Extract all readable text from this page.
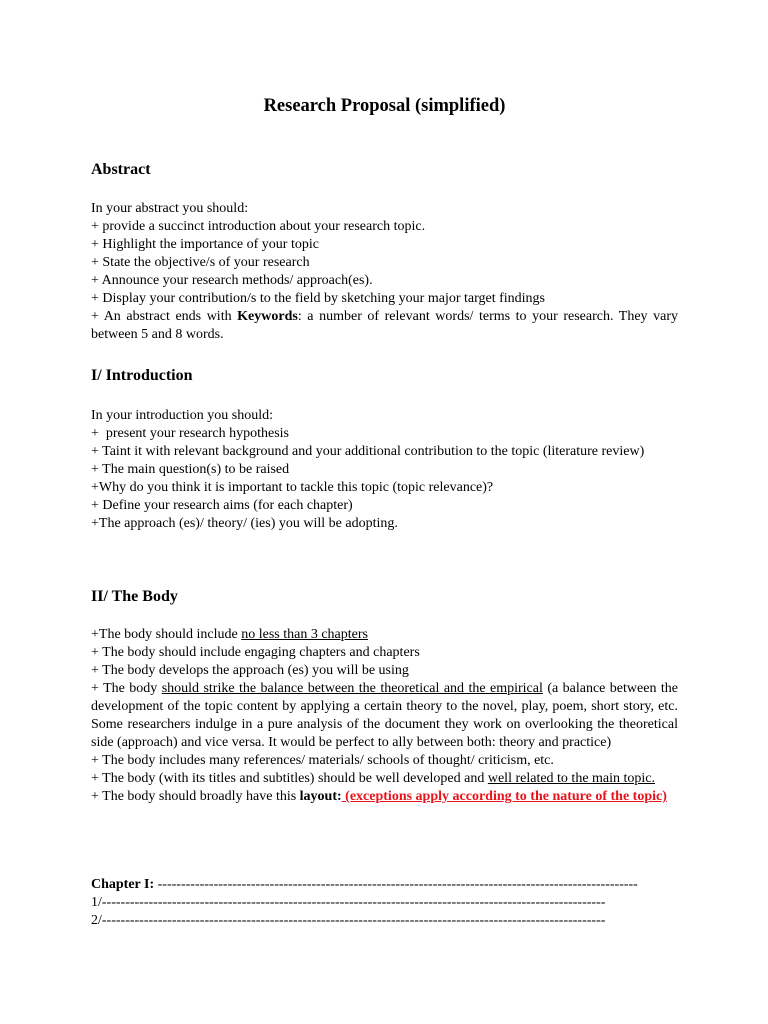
Research Proposal (simplified)
Abstract
In your abstract you should:
+ provide a succinct introduction about your research topic.
+ Highlight the importance of your topic
+ State the objective/s of your research
+ Announce your research methods/ approach(es).
+ Display your contribution/s to the field by sketching your major target findings
+ An abstract ends with Keywords: a number of relevant words/ terms to your research. They vary between 5 and 8 words.
I/ Introduction
In your introduction you should:
+  present your research hypothesis
+ Taint it with relevant background and your additional contribution to the topic (literature review)
+ The main question(s) to be raised
+Why do you think it is important to tackle this topic (topic relevance)?
+ Define your research aims (for each chapter)
+The approach (es)/ theory/ (ies) you will be adopting.
II/ The Body
+The body should include no less than 3 chapters
+ The body should include engaging chapters and chapters
+ The body develops the approach (es) you will be using
+ The body should strike the balance between the theoretical and the empirical (a balance between the development of the topic content by applying a certain theory to the novel, play, poem, short story, etc. Some researchers indulge in a pure analysis of the document they work on overlooking the theoretical side (approach) and vice versa. It would be perfect to ally between both: theory and practice)
+ The body includes many references/ materials/ schools of thought/ criticism, etc.
+ The body (with its titles and subtitles) should be well developed and well related to the main topic.
+ The body should broadly have this layout: (exceptions apply according to the nature of the topic)
Chapter I: -------------------------------------------------------------------------------------------------------
1/------------------------------------------------------------------------------------------------------------
2/------------------------------------------------------------------------------------------------------------
